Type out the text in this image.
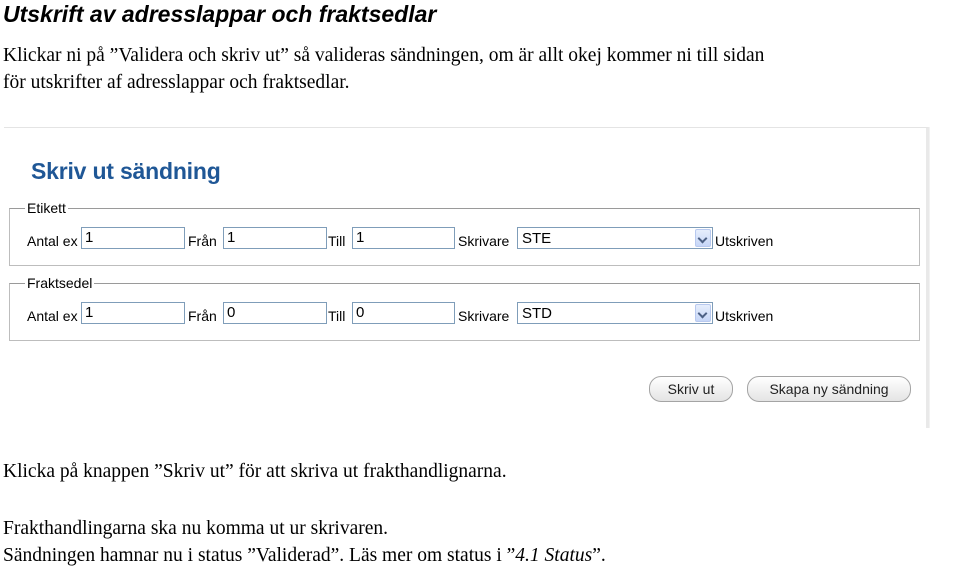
Utskrift av adresslappar och fraktsedlar
Klickar ni på ”Validera och skriv ut” så valideras sändningen, om är allt okej kommer ni till sidan
för utskrifter af adresslappar och fraktsedlar.
Skriv ut sändning
Etikett
Antal ex 1	Från 1	Till 1	Skrivare STE	Utskriven
Fraktsedel
Antal ex 1	Från 0	Till 0	Skrivare STD	Utskriven
Skriv ut	Skapa ny sändning
Klicka på knappen ”Skriv ut” för att skriva ut frakthandlignarna.
Frakthandlingarna ska nu komma ut ur skrivaren.
Sändningen hamnar nu i status ”Validerad”. Läs mer om status i ”4.1 Status”.
